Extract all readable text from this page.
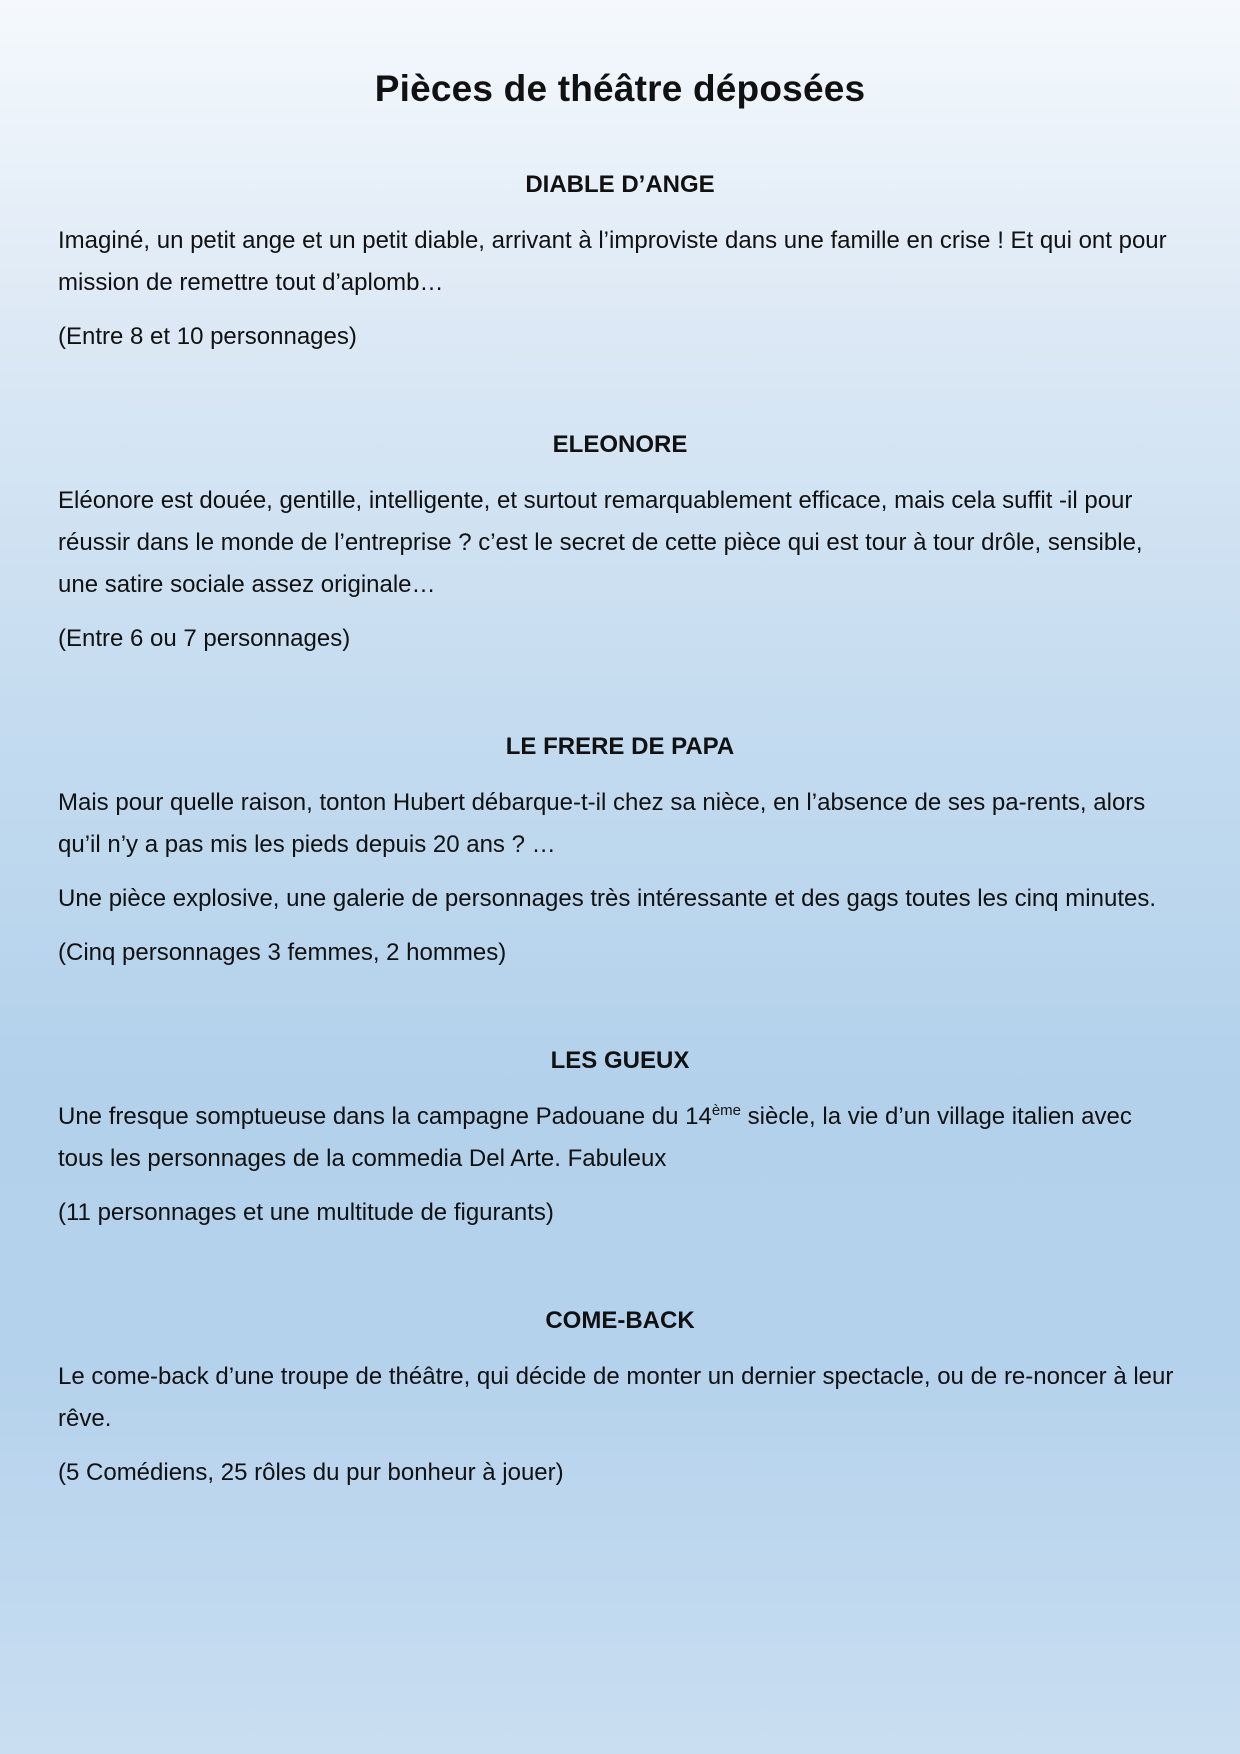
Pièces de théâtre déposées
DIABLE D’ANGE

Imaginé, un petit ange et un petit diable, arrivant à l’improviste dans une famille en crise ! Et qui ont pour mission de remettre tout d’aplomb…

(Entre 8 et 10 personnages)

ELEONORE

Eléonore est douée, gentille, intelligente, et surtout remarquablement efficace, mais cela suffit -il pour réussir dans le monde de l’entreprise ? c’est le secret de cette pièce qui est tour à tour drôle, sensible, une satire sociale assez originale…

(Entre 6 ou 7 personnages)

LE FRERE DE PAPA

Mais pour quelle raison, tonton Hubert débarque-t-il chez sa nièce, en l’absence de ses pa-rents, alors qu’il n’y a pas mis les pieds depuis 20 ans ? …

Une pièce explosive, une galerie de personnages très intéressante et des gags toutes les cinq minutes.

(Cinq personnages 3 femmes, 2 hommes)

LES GUEUX

Une fresque somptueuse dans la campagne Padouane du 14ème siècle, la vie d’un village italien avec tous les personnages de la commedia Del Arte. Fabuleux

(11 personnages et une multitude de figurants)

COME-BACK

Le come-back d’une troupe de théâtre, qui décide de monter un dernier spectacle, ou de re-noncer à leur rêve.

(5 Comédiens, 25 rôles du pur bonheur à jouer)
